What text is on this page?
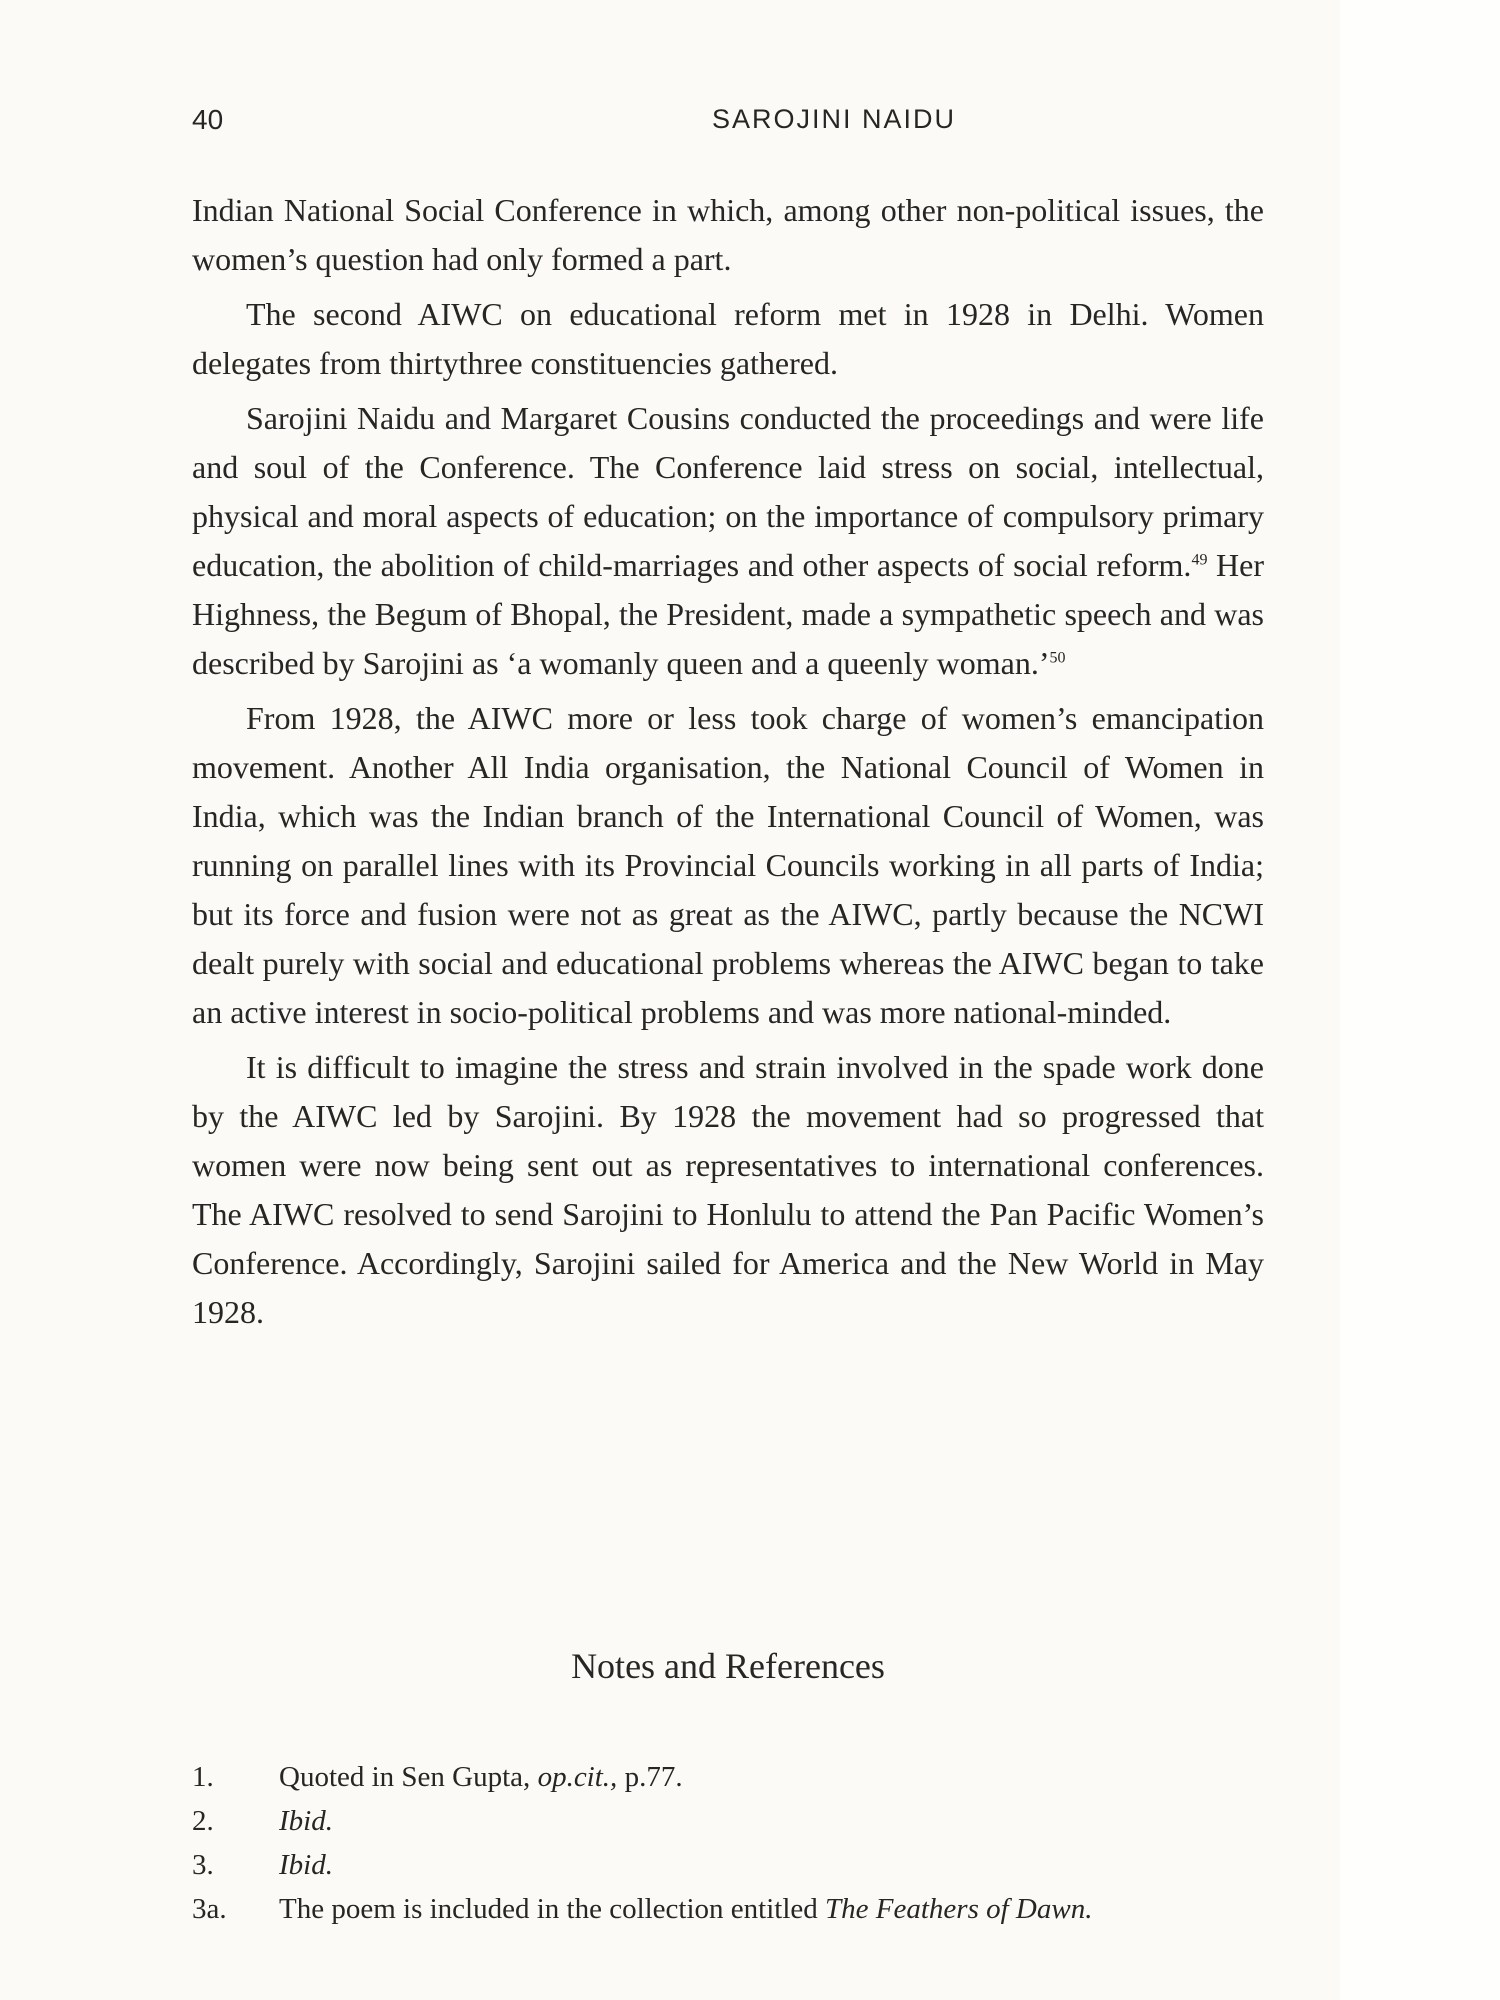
40	SAROJINI NAIDU

Indian National Social Conference in which, among other non-political issues, the women’s question had only formed a part.

The second AIWC on educational reform met in 1928 in Delhi. Women delegates from thirtythree constituencies gathered.

Sarojini Naidu and Margaret Cousins conducted the proceedings and were life and soul of the Conference. The Conference laid stress on social, intellectual, physical and moral aspects of education; on the importance of compulsory primary education, the abolition of child-marriages and other aspects of social reform.$^{49}$ Her Highness, the Begum of Bhopal, the President, made a sympathetic speech and was described by Sarojini as ‘a womanly queen and a queenly woman.’$^{50}$

From 1928, the AIWC more or less took charge of women’s emancipation movement. Another All India organisation, the National Council of Women in India, which was the Indian branch of the International Council of Women, was running on parallel lines with its Provincial Councils working in all parts of India; but its force and fusion were not as great as the AIWC, partly because the NCWI dealt purely with social and educational problems whereas the AIWC began to take an active interest in socio-political problems and was more national-minded.

It is difficult to imagine the stress and strain involved in the spade work done by the AIWC led by Sarojini. By 1928 the movement had so progressed that women were now being sent out as representatives to international conferences. The AIWC resolved to send Sarojini to Honlulu to attend the Pan Pacific Women’s Conference. Accordingly, Sarojini sailed for America and the New World in May 1928.

Notes and References
1. Quoted in Sen Gupta, op.cit., p.77.
2. Ibid.
3. Ibid.
3a. The poem is included in the collection entitled The Feathers of Dawn.
